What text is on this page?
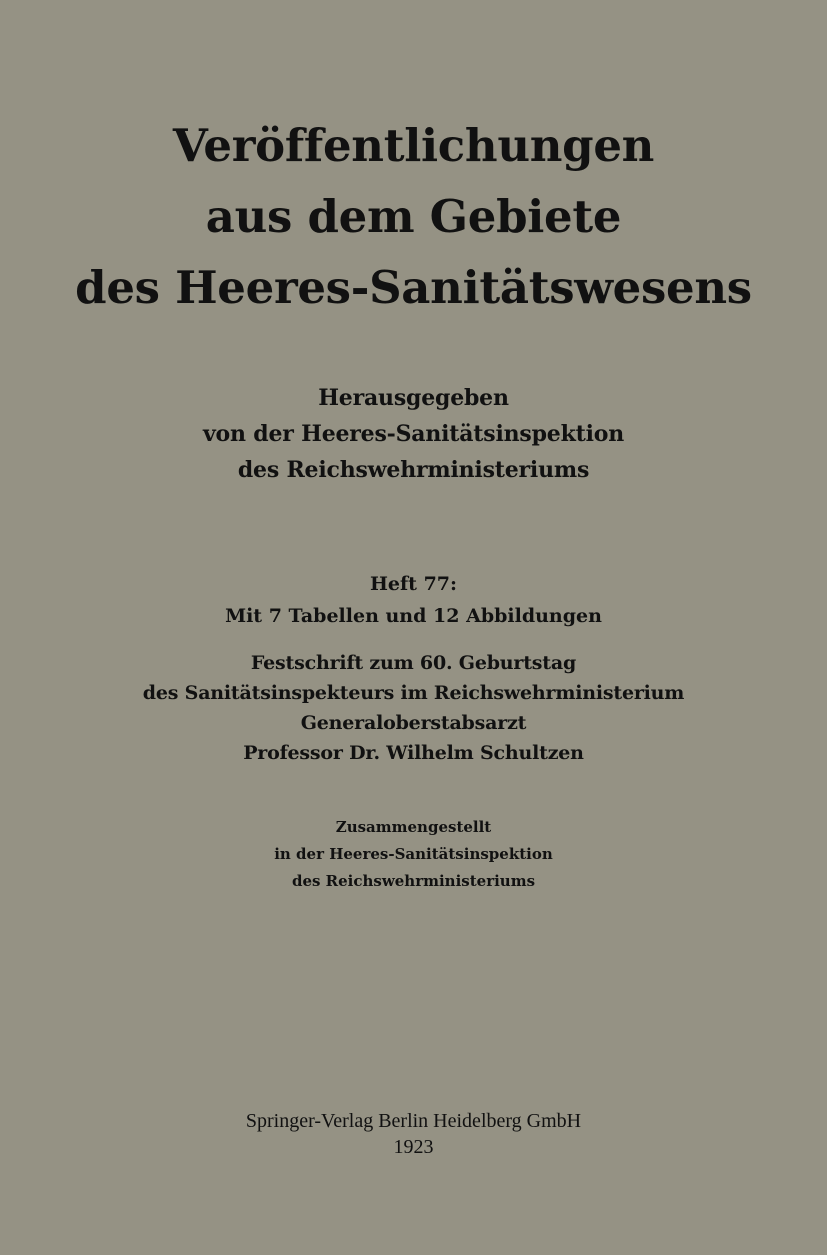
Veröffentlichungen
aus dem Gebiete
des Heeres-Sanitätswesens
Herausgegeben
von der Heeres-Sanitätsinspektion
des Reichswehrministeriums
Heft 77:
Mit 7 Tabellen und 12 Abbildungen
Festschrift zum 60. Geburtstag
des Sanitätsinspekteurs im Reichswehrministerium
Generaloberstabsarzt
Professor Dr. Wilhelm Schultzen
Zusammengestellt
in der Heeres-Sanitätsinspektion
des Reichswehrministeriums
Springer-Verlag Berlin Heidelberg GmbH
1923
